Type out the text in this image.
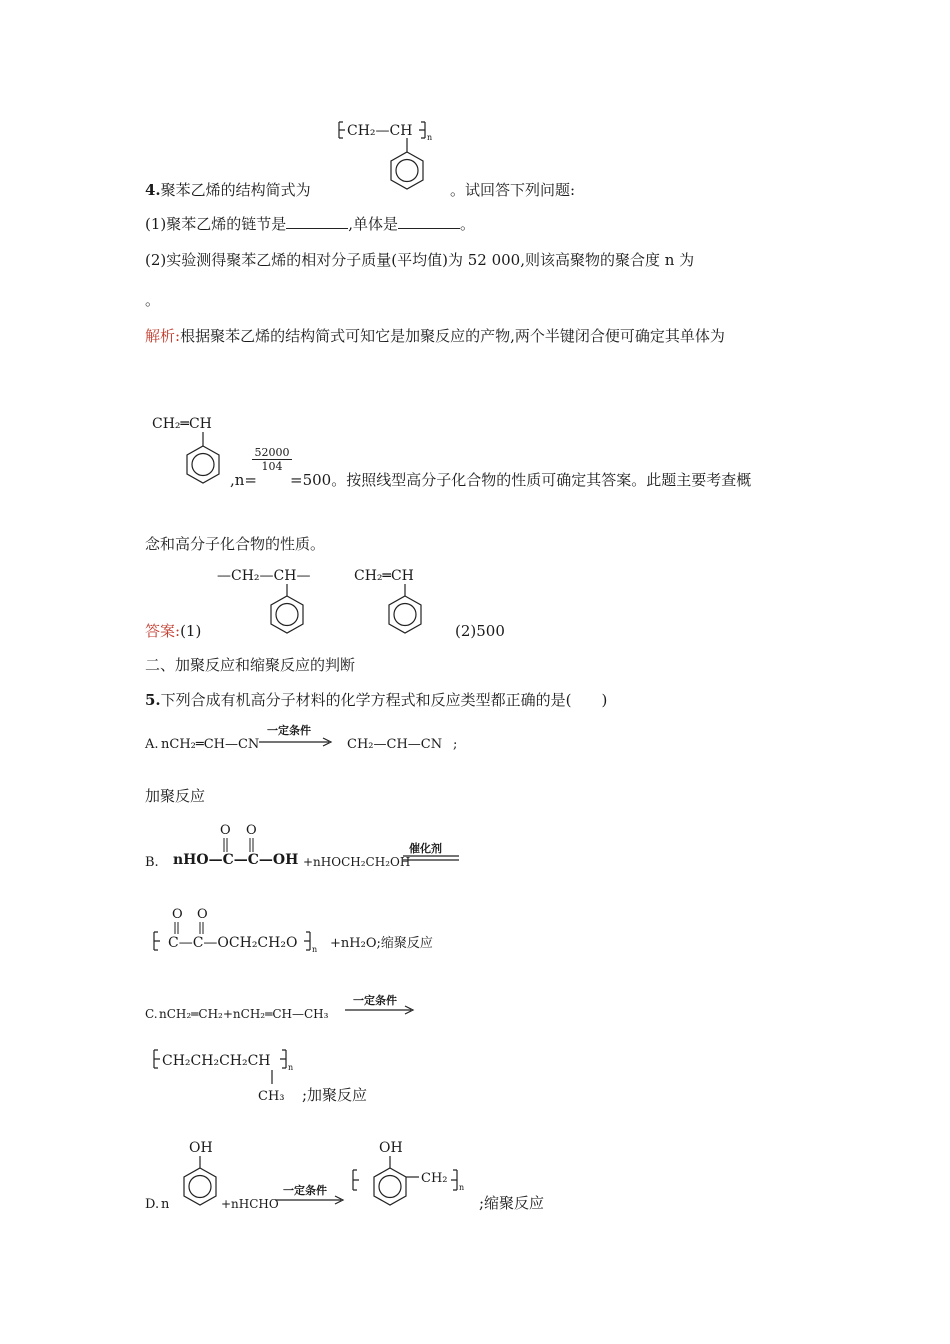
CH₂—CH n
4.聚苯乙烯的结构简式为	。试回答下列问题:
(1)聚苯乙烯的链节是	,单体是	。
(2)实验测得聚苯乙烯的相对分子质量(平均值)为 52 000,则该高聚物的聚合度 n 为
。
解析:根据聚苯乙烯的结构简式可知它是加聚反应的产物,两个半键闭合便可确定其单体为
CH₂═CH
,n=
$\frac{52000}{104}$
=500。按照线型高分子化合物的性质可确定其答案。此题主要考查概
念和高分子化合物的性质。
—CH₂—CH—	CH₂═CH
答案:(1)	(2)500
二、加聚反应和缩聚反应的判断
5.下列合成有机高分子材料的化学方程式和反应类型都正确的是(　　)
A. nCH₂═CH—CN
一定条件
CH₂—CH—CN ;
加聚反应
B.
O O
nHO—C—C—OH +nHOCH₂CH₂OH
催化剂
O O
C—C—OCH₂CH₂O n +nH₂O;缩聚反应
C. nCH₂═CH₂+nCH₂═CH—CH₃
一定条件
CH₂CH₂CH₂CH n
CH₃ ;加聚反应
D. n
OH
+nHCHO
一定条件
OH
CH₂
n
;缩聚反应
